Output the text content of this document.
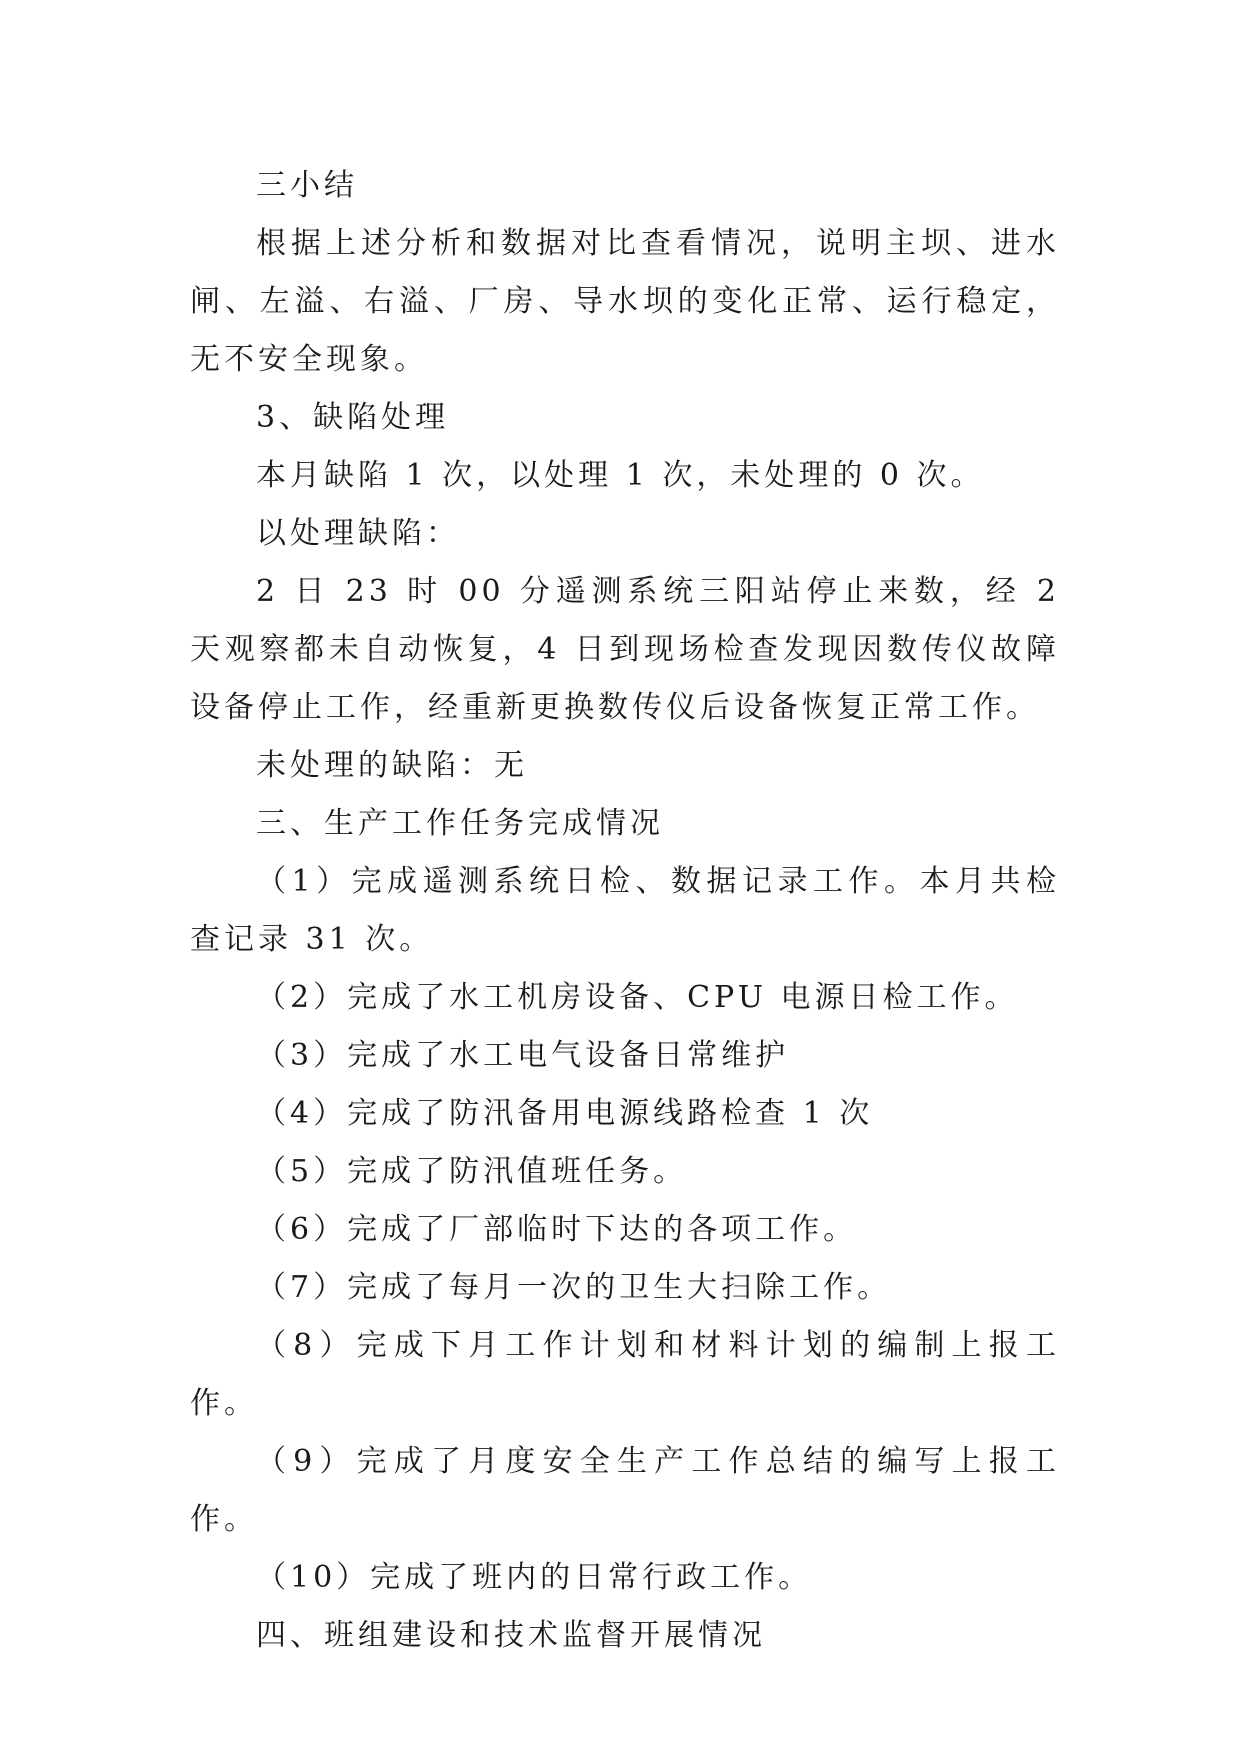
三小结

根据上述分析和数据对比查看情况，说明主坝、进水闸、左溢、右溢、厂房、导水坝的变化正常、运行稳定，无不安全现象。

3、缺陷处理

本月缺陷 1 次，以处理 1 次，未处理的 0 次。

以处理缺陷：

2 日 23 时 00 分遥测系统三阳站停止来数，经 2 天观察都未自动恢复，4 日到现场检查发现因数传仪故障设备停止工作，经重新更换数传仪后设备恢复正常工作。

未处理的缺陷：无

三、生产工作任务完成情况

（1）完成遥测系统日检、数据记录工作。本月共检查记录 31 次。

（2）完成了水工机房设备、CPU 电源日检工作。

（3）完成了水工电气设备日常维护

（4）完成了防汛备用电源线路检查 1 次

（5）完成了防汛值班任务。

（6）完成了厂部临时下达的各项工作。

（7）完成了每月一次的卫生大扫除工作。

（8）完成下月工作计划和材料计划的编制上报工作。

（9）完成了月度安全生产工作总结的编写上报工作。

（10）完成了班内的日常行政工作。

四、班组建设和技术监督开展情况
